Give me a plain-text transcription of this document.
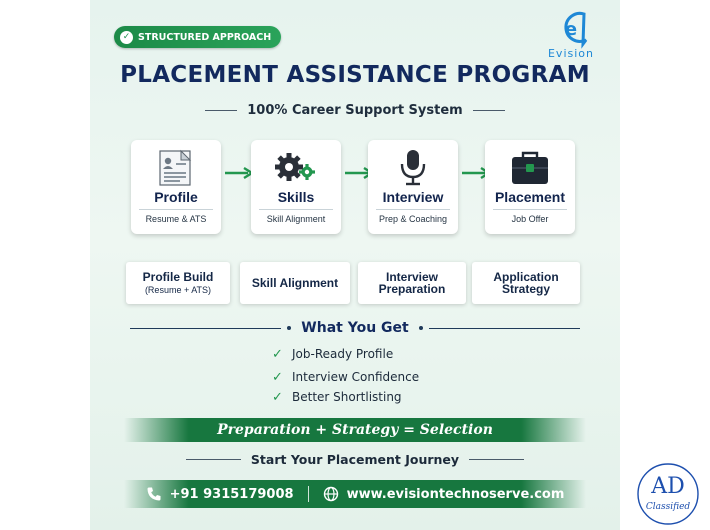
✓ STRUCTURED APPROACH	e
Evision
PLACEMENT ASSISTANCE PROGRAM
100% Career Support System
Profile
Resume & ATS
Skills
Skill Alignment
Interview
Prep & Coaching
Placement
Job Offer
Profile Build
(Resume + ATS)	Skill Alignment	Interview
Preparation
Application
Strategy
What You Get
✓ Job-Ready Profile
✓ Interview Confidence
✓ Better Shortlisting
Preparation + Strategy = Selection
Start Your Placement Journey
+91 9315179008	www.evisiontechnoserve.com	AD
Classified
